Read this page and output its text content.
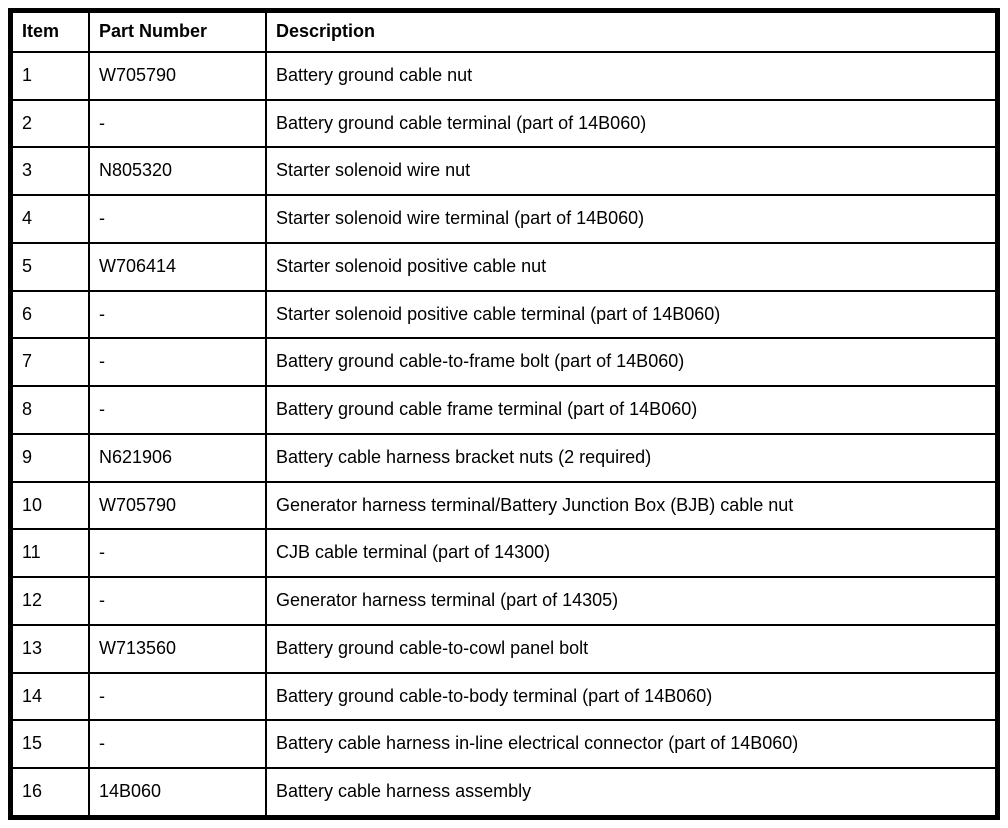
Item	Part Number	Description
1	W705790	Battery ground cable nut
2	-	Battery ground cable terminal (part of 14B060)
3	N805320	Starter solenoid wire nut
4	-	Starter solenoid wire terminal (part of 14B060)
5	W706414	Starter solenoid positive cable nut
6	-	Starter solenoid positive cable terminal (part of 14B060)
7	-	Battery ground cable-to-frame bolt (part of 14B060)
8	-	Battery ground cable frame terminal (part of 14B060)
9	N621906	Battery cable harness bracket nuts (2 required)
10	W705790	Generator harness terminal/Battery Junction Box (BJB) cable nut
11	-	CJB cable terminal (part of 14300)
12	-	Generator harness terminal (part of 14305)
13	W713560	Battery ground cable-to-cowl panel bolt
14	-	Battery ground cable-to-body terminal (part of 14B060)
15	-	Battery cable harness in-line electrical connector (part of 14B060)
16	14B060	Battery cable harness assembly
